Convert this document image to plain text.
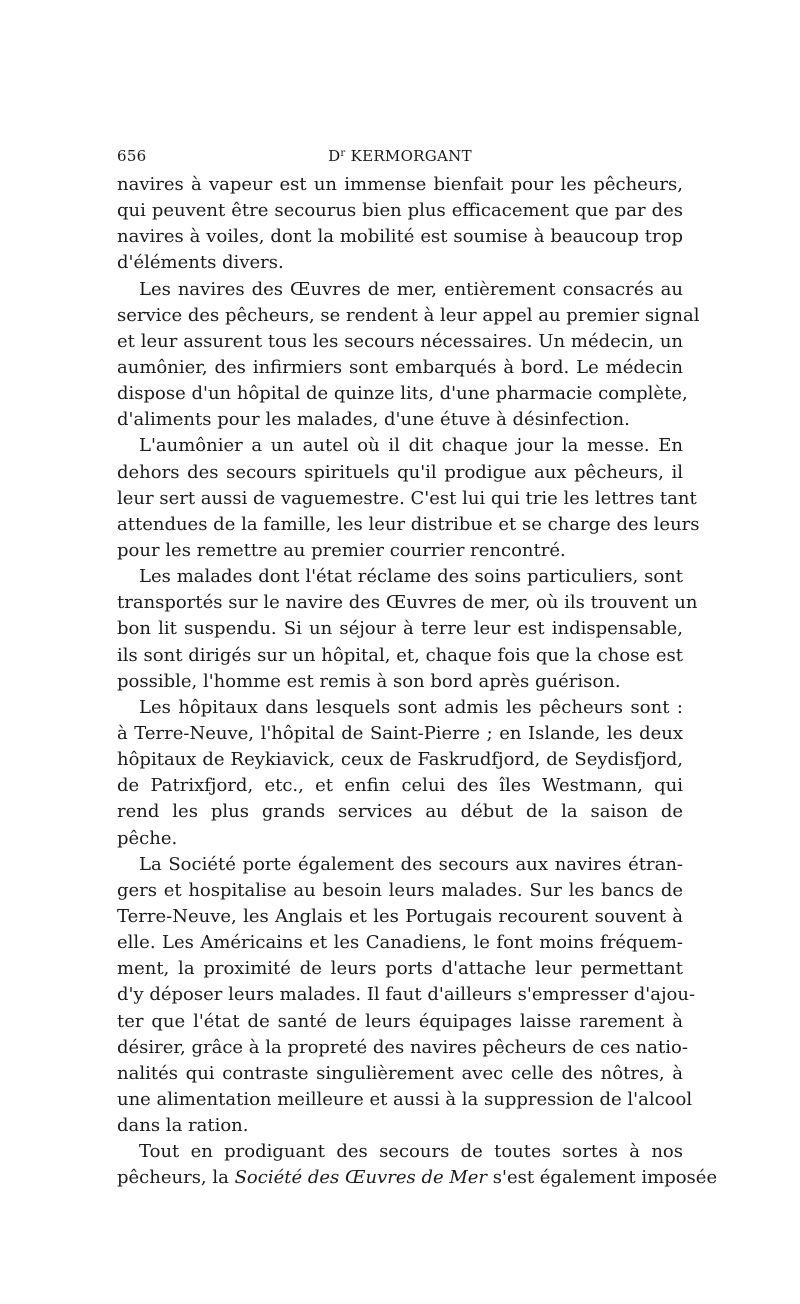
656	$D^r$ KERMORGANT
navires à vapeur est un immense bienfait pour les pêcheurs,
qui peuvent être secourus bien plus efficacement que par des
navires à voiles, dont la mobilité est soumise à beaucoup trop
d'éléments divers.
Les navires des Œuvres de mer, entièrement consacrés au
service des pêcheurs, se rendent à leur appel au premier signal
et leur assurent tous les secours nécessaires. Un médecin, un
aumônier, des infirmiers sont embarqués à bord. Le médecin
dispose d'un hôpital de quinze lits, d'une pharmacie complète,
d'aliments pour les malades, d'une étuve à désinfection.
L'aumônier a un autel où il dit chaque jour la messe. En
dehors des secours spirituels qu'il prodigue aux pêcheurs, il
leur sert aussi de vaguemestre. C'est lui qui trie les lettres tant
attendues de la famille, les leur distribue et se charge des leurs
pour les remettre au premier courrier rencontré.
Les malades dont l'état réclame des soins particuliers, sont
transportés sur le navire des Œuvres de mer, où ils trouvent un
bon lit suspendu. Si un séjour à terre leur est indispensable,
ils sont dirigés sur un hôpital, et, chaque fois que la chose est
possible, l'homme est remis à son bord après guérison.
Les hôpitaux dans lesquels sont admis les pêcheurs sont :
à Terre-Neuve, l'hôpital de Saint-Pierre ; en Islande, les deux
hôpitaux de Reykiavick, ceux de Faskrudfjord, de Seydisfjord,
de Patrixfjord, etc., et enfin celui des îles Westmann, qui
rend les plus grands services au début de la saison de
pêche.
La Société porte également des secours aux navires étran-
gers et hospitalise au besoin leurs malades. Sur les bancs de
Terre-Neuve, les Anglais et les Portugais recourent souvent à
elle. Les Américains et les Canadiens, le font moins fréquem-
ment, la proximité de leurs ports d'attache leur permettant
d'y déposer leurs malades. Il faut d'ailleurs s'empresser d'ajou-
ter que l'état de santé de leurs équipages laisse rarement à
désirer, grâce à la propreté des navires pêcheurs de ces natio-
nalités qui contraste singulièrement avec celle des nôtres, à
une alimentation meilleure et aussi à la suppression de l'alcool
dans la ration.
Tout en prodiguant des secours de toutes sortes à nos
pêcheurs, la Société des Œuvres de Mer s'est également imposée
